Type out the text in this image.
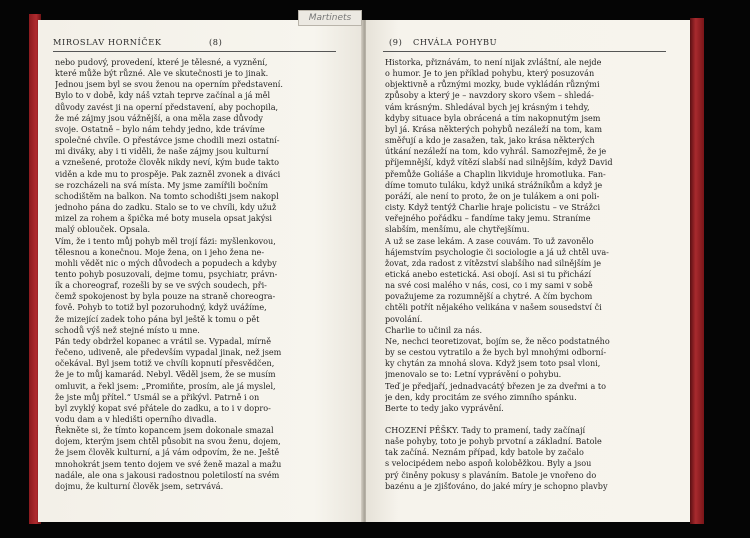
MIROSLAV HORNÍČEK	(8)
nebo pudový, provedení, které je tělesné, a vyznění,
které může být různé. Ale ve skutečnosti je to jinak.
Jednou jsem byl se svou ženou na operním představení.
Bylo to v době, kdy náš vztah teprve začínal a já měl
důvody zavést ji na operní představení, aby pochopila,
že mé zájmy jsou vážnější, a ona měla zase důvody
svoje. Ostatně – bylo nám tehdy jedno, kde trávíme
společné chvíle. O přestávce jsme chodili mezi ostatní-
mi diváky, aby i ti viděli, že naše zájmy jsou kulturní
a vznešené, protože člověk nikdy neví, kým bude takto
viděn a kde mu to prospěje. Pak zazněl zvonek a diváci
se rozcházeli na svá místa. My jsme zamířili bočním
schodištěm na balkon. Na tomto schodišti jsem nakopl
jednoho pána do zadku. Stalo se to ve chvíli, kdy užuž
mizel za rohem a špička mé boty musela opsat jakýsi
malý oblouček. Opsala.
Vím, že i tento můj pohyb měl trojí fázi: myšlenkovou,
tělesnou a konečnou. Moje žena, on i jeho žena ne-
mohli vědět nic o mých důvodech a popudech a kdyby
tento pohyb posuzovali, dejme tomu, psychiatr, právn-
ík a choreograf, rozešli by se ve svých soudech, při-
čemž spokojenost by byla pouze na straně choreogra-
fově. Pohyb to totiž byl pozoruhodný, když uvážíme,
že mizející zadek toho pána byl ještě k tomu o pět
schodů výš než stejné místo u mne.
Pán tedy obdržel kopanec a vrátil se. Vypadal, mírně
řečeno, udiveně, ale především vypadal jinak, než jsem
očekával. Byl jsem totiž ve chvíli kopnutí přesvědčen,
že je to můj kamarád. Nebyl. Věděl jsem, že se musím
omluvit, a řekl jsem: „Promiňte, prosím, ale já myslel,
že jste můj přítel.“ Usmál se a přikývl. Patrně i on
byl zvyklý kopat své přátele do zadku, a to i v dopro-
vodu dam a v hledišti operního divadla.
Řekněte si, že tímto kopancem jsem dokonale smazal
dojem, kterým jsem chtěl působit na svou ženu, dojem,
že jsem člověk kulturní, a já vám odpovím, že ne. Ještě
mnohokrát jsem tento dojem ve své ženě mazal a mažu
nadále, ale ona s jakousi radostnou poletilostí na svém
dojmu, že kulturní člověk jsem, setrvává.
(9) CHVÁLA POHYBU
Historka, přiznávám, to není nijak zvláštní, ale nejde
o humor. Je to jen příklad pohybu, který posuzován
objektivně a různými mozky, bude vykládán různými
způsoby a který je – navzdory skoro všem – shledá-
vám krásným. Shledával bych jej krásným i tehdy,
kdyby situace byla obrácená a tím nakopnutým jsem
byl já. Krása některých pohybů nezáleží na tom, kam
směřují a kdo je zasažen, tak, jako krása některých
útkání nezáleží na tom, kdo vyhrál. Samozřejmě, že je
příjemnější, když vítězí slabší nad silnějším, když David
přemůže Goliáše a Chaplin likviduje hromotluka. Fan-
díme tomuto tuláku, když uniká strážníkům a když je
poráží, ale není to proto, že on je tulákem a oni poli-
cisty. Když tentýž Charlie hraje policistu – ve Strážci
veřejného pořádku – fandíme taky jemu. Straníme
slabším, menšímu, ale chytřejšímu.
A už se zase lekám. A zase couvám. To už zavonělo
hájemstvím psychologie či sociologie a já už chtěl uva-
žovat, zda radost z vítězství slabšího nad silnějším je
etická anebo estetická. Asi obojí. Asi si tu přichází
na své cosi malého v nás, cosi, co i my sami v sobě
považujeme za rozumnější a chytré. A čím bychom
chtěli potřít nějakého velikána v našem sousedství či
povolání.
Charlie to učinil za nás.
Ne, nechci teoretizovat, bojím se, že něco podstatného
by se cestou vytratilo a že bych byl mnohými odborní-
ky chytán za mnohá slova. Když jsem toto psal vloni,
jmenovalo se to: Letní vyprávění o pohybu.
Teď je předjaří, jednadvacátý březen je za dveřmi a to
je den, kdy procitám ze svého zimního spánku.
Berte to tedy jako vyprávění.
CHOZENÍ PĚŠKY. Tady to pramení, tady začínají
naše pohyby, toto je pohyb prvotní a základní. Batole
tak začíná. Neznám případ, kdy batole by začalo
s velocipédem nebo aspoň koloběžkou. Byly a jsou
prý činěny pokusy s plaváním. Batole je vnořeno do
bazénu a je zjišťováno, do jaké míry je schopno plavby
Martinets
